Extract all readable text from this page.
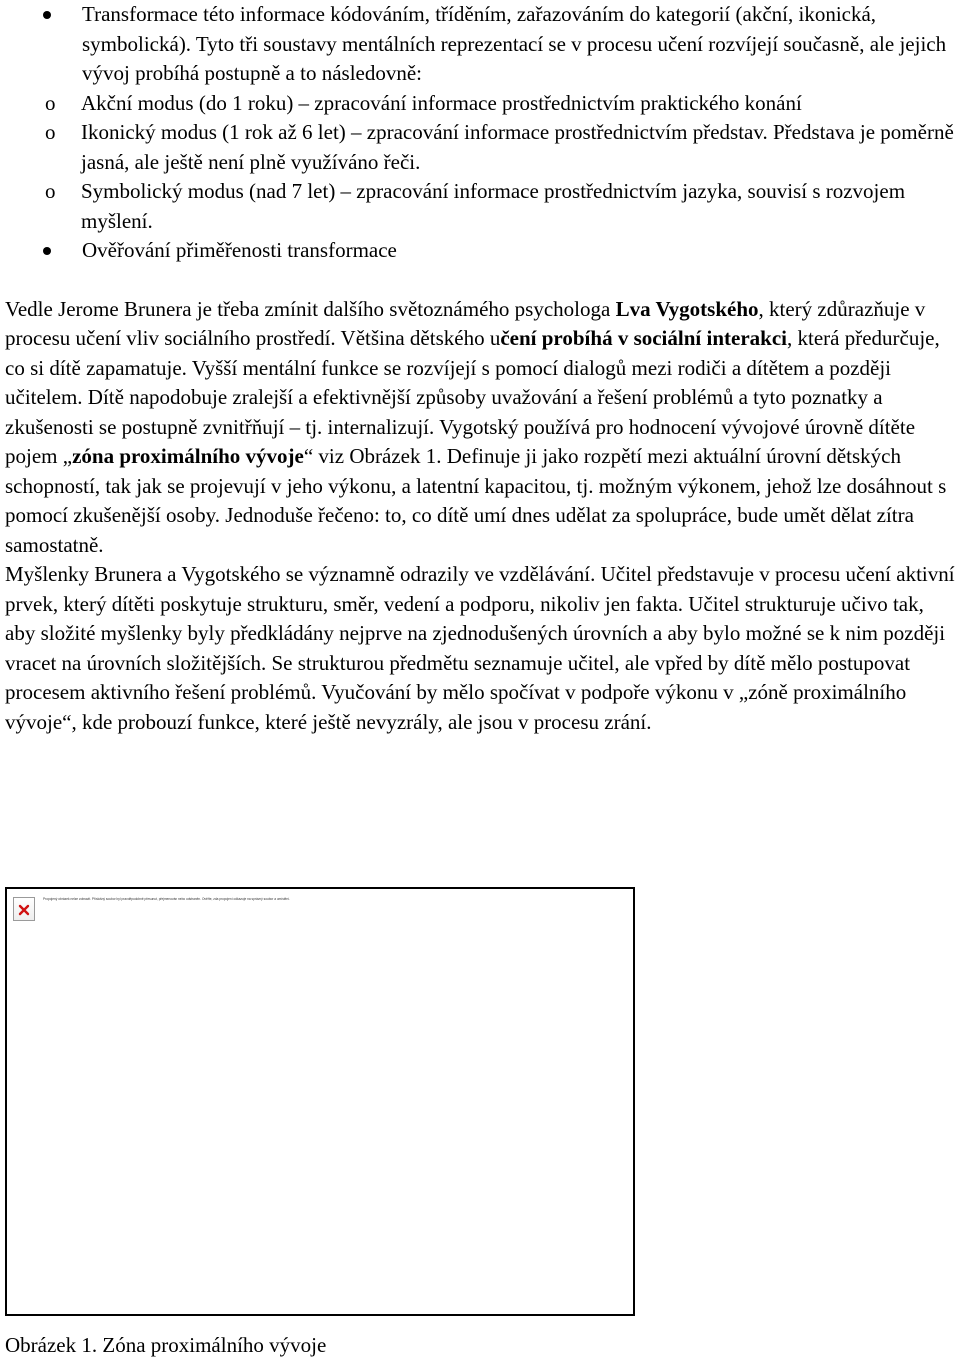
Transformace této informace kódováním, tříděním, zařazováním do kategorií (akční, ikonická, symbolická). Tyto tři soustavy mentálních reprezentací se v procesu učení rozvíjejí současně, ale jejich vývoj probíhá postupně a to následovně:
o Akční modus (do 1 roku) – zpracování informace prostřednictvím praktického konání
o Ikonický modus (1 rok až 6 let) – zpracování informace prostřednictvím představ. Představa je poměrně jasná, ale ještě není plně využíváno řeči.
o Symbolický modus (nad 7 let) – zpracování informace prostřednictvím jazyka, souvisí s rozvojem myšlení.
Ověřování přiměřenosti transformace

Vedle Jerome Brunera je třeba zmínit dalšího světoznámého psychologa Lva Vygotského, který zdůrazňuje v procesu učení vliv sociálního prostředí. Většina dětského učení probíhá v sociální interakci, která předurčuje, co si dítě zapamatuje. Vyšší mentální funkce se rozvíjejí s pomocí dialogů mezi rodiči a dítětem a později učitelem. Dítě napodobuje zralejší a efektivnější způsoby uvažování a řešení problémů a tyto poznatky a zkušenosti se postupně zvnitřňují – tj. internalizují. Vygotský používá pro hodnocení vývojové úrovně dítěte pojem „zóna proximálního vývoje“ viz Obrázek 1. Definuje ji jako rozpětí mezi aktuální úrovní dětských schopností, tak jak se projevují v jeho výkonu, a latentní kapacitou, tj. možným výkonem, jehož lze dosáhnout s pomocí zkušenější osoby. Jednoduše řečeno: to, co dítě umí dnes udělat za spolupráce, bude umět dělat zítra samostatně.

Myšlenky Brunera a Vygotského se významně odrazily ve vzdělávání. Učitel představuje v procesu učení aktivní prvek, který dítěti poskytuje strukturu, směr, vedení a podporu, nikoliv jen fakta. Učitel strukturuje učivo tak, aby složité myšlenky byly předkládány nejprve na zjednodušených úrovních a aby bylo možné se k nim později vracet na úrovních složitějších. Se strukturou předmětu seznamuje učitel, ale vpřed by dítě mělo postupovat procesem aktivního řešení problémů. Vyučování by mělo spočívat v podpoře výkonu v „zóně proximálního vývoje“, kde probouzí funkce, které ještě nevyzrály, ale jsou v procesu zrání.

Propojený obrázek nelze zobrazit. Příslušný soubor byl pravděpodobně přesunut, přejmenován nebo odstraněn. Ověřte, zda propojení odkazuje na správný soubor a umístění.
Obrázek 1. Zóna proximálního vývoje
